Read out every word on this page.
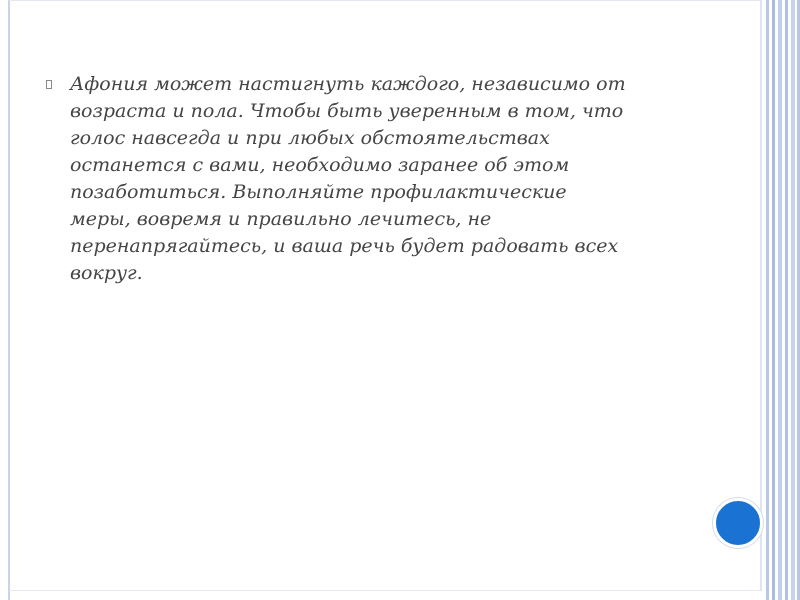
Афония может настигнуть каждого, независимо от
возраста и пола. Чтобы быть уверенным в том, что
голос навсегда и при любых обстоятельствах
останется с вами, необходимо заранее об этом
позаботиться. Выполняйте профилактические
меры, вовремя и правильно лечитесь, не
перенапрягайтесь, и ваша речь будет радовать всех
вокруг.
